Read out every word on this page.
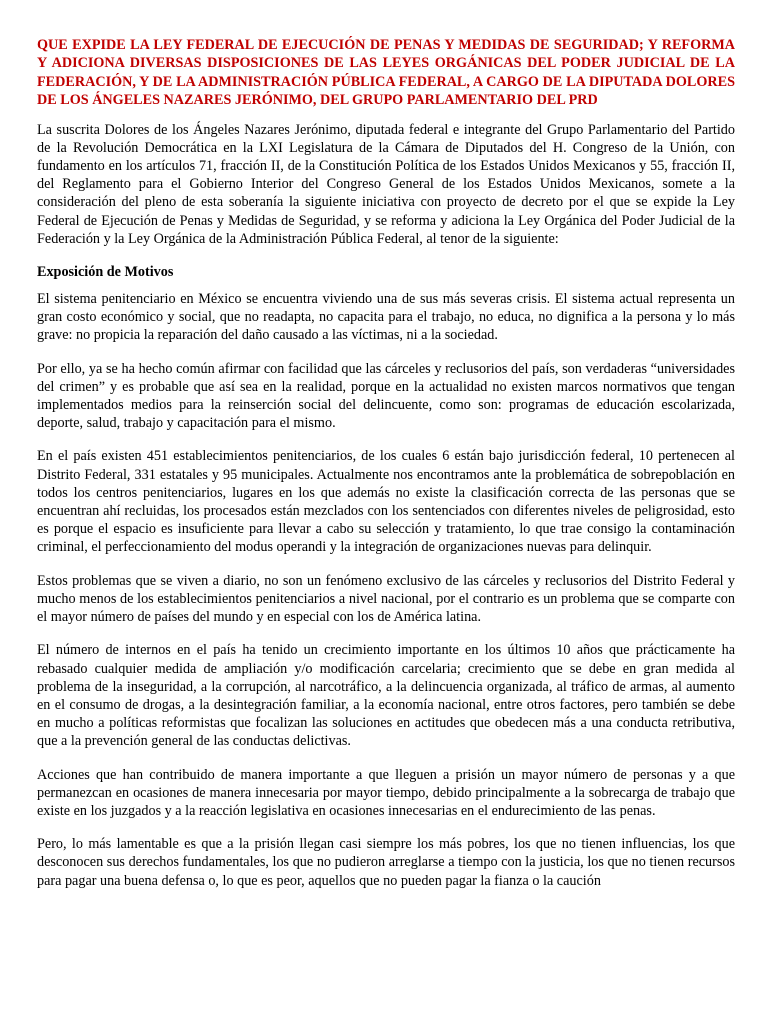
QUE EXPIDE LA LEY FEDERAL DE EJECUCIÓN DE PENAS Y MEDIDAS DE SEGURIDAD; Y REFORMA Y ADICIONA DIVERSAS DISPOSICIONES DE LAS LEYES ORGÁNICAS DEL PODER JUDICIAL DE LA FEDERACIÓN, Y DE LA ADMINISTRACIÓN PÚBLICA FEDERAL, A CARGO DE LA DIPUTADA DOLORES DE LOS ÁNGELES NAZARES JERÓNIMO, DEL GRUPO PARLAMENTARIO DEL PRD

La suscrita Dolores de los Ángeles Nazares Jerónimo, diputada federal e integrante del Grupo Parlamentario del Partido de la Revolución Democrática en la LXI Legislatura de la Cámara de Diputados del H. Congreso de la Unión, con fundamento en los artículos 71, fracción II, de la Constitución Política de los Estados Unidos Mexicanos y 55, fracción II, del Reglamento para el Gobierno Interior del Congreso General de los Estados Unidos Mexicanos, somete a la consideración del pleno de esta soberanía la siguiente iniciativa con proyecto de decreto por el que se expide la Ley Federal de Ejecución de Penas y Medidas de Seguridad, y se reforma y adiciona la Ley Orgánica del Poder Judicial de la Federación y la Ley Orgánica de la Administración Pública Federal, al tenor de la siguiente:

Exposición de Motivos

El sistema penitenciario en México se encuentra viviendo una de sus más severas crisis. El sistema actual representa un gran costo económico y social, que no readapta, no capacita para el trabajo, no educa, no dignifica a la persona y lo más grave: no propicia la reparación del daño causado a las víctimas, ni a la sociedad.

Por ello, ya se ha hecho común afirmar con facilidad que las cárceles y reclusorios del país, son verdaderas “universidades del crimen” y es probable que así sea en la realidad, porque en la actualidad no existen marcos normativos que tengan implementados medios para la reinserción social del delincuente, como son: programas de educación escolarizada, deporte, salud, trabajo y capacitación para el mismo.

En el país existen 451 establecimientos penitenciarios, de los cuales 6 están bajo jurisdicción federal, 10 pertenecen al Distrito Federal, 331 estatales y 95 municipales. Actualmente nos encontramos ante la problemática de sobrepoblación en todos los centros penitenciarios, lugares en los que además no existe la clasificación correcta de las personas que se encuentran ahí recluidas, los procesados están mezclados con los sentenciados con diferentes niveles de peligrosidad, esto es porque el espacio es insuficiente para llevar a cabo su selección y tratamiento, lo que trae consigo la contaminación criminal, el perfeccionamiento del modus operandi y la integración de organizaciones nuevas para delinquir.

Estos problemas que se viven a diario, no son un fenómeno exclusivo de las cárceles y reclusorios del Distrito Federal y mucho menos de los establecimientos penitenciarios a nivel nacional, por el contrario es un problema que se comparte con el mayor número de países del mundo y en especial con los de América latina.

El número de internos en el país ha tenido un crecimiento importante en los últimos 10 años que prácticamente ha rebasado cualquier medida de ampliación y/o modificación carcelaria; crecimiento que se debe en gran medida al problema de la inseguridad, a la corrupción, al narcotráfico, a la delincuencia organizada, al tráfico de armas, al aumento en el consumo de drogas, a la desintegración familiar, a la economía nacional, entre otros factores, pero también se debe en mucho a políticas reformistas que focalizan las soluciones en actitudes que obedecen más a una conducta retributiva, que a la prevención general de las conductas delictivas.

Acciones que han contribuido de manera importante a que lleguen a prisión un mayor número de personas y a que permanezcan en ocasiones de manera innecesaria por mayor tiempo, debido principalmente a la sobrecarga de trabajo que existe en los juzgados y a la reacción legislativa en ocasiones innecesarias en el endurecimiento de las penas.

Pero, lo más lamentable es que a la prisión llegan casi siempre los más pobres, los que no tienen influencias, los que desconocen sus derechos fundamentales, los que no pudieron arreglarse a tiempo con la justicia, los que no tienen recursos para pagar una buena defensa o, lo que es peor, aquellos que no pueden pagar la fianza o la caución
